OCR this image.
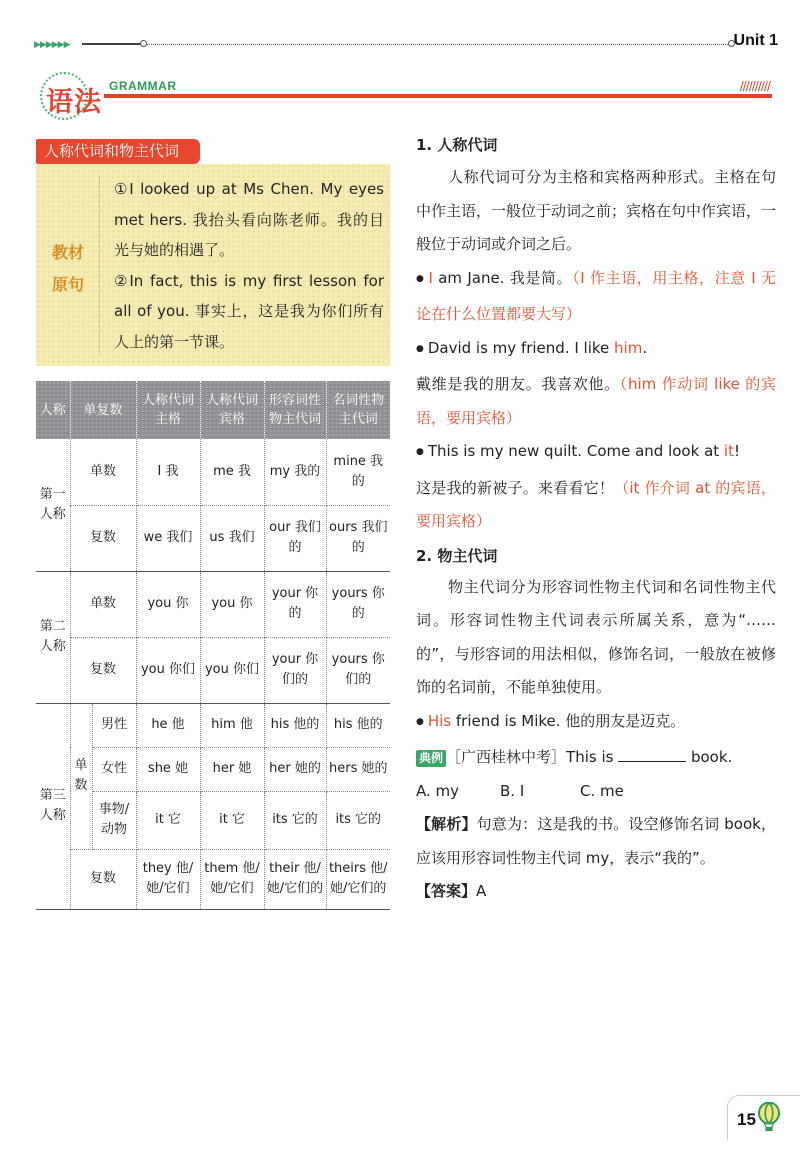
▶▶▶▶▶▶	Unit 1
语法
GRAMMAR	//////////
人称代词和物主代词
教材
原句
①I looked up at Ms Chen. My eyes met hers. 我抬头看向陈老师。我的目光与她的相遇了。
②In fact, this is my first lesson for all of you. 事实上，这是我为你们所有人上的第一节课。
人称	单复数		人称代词主格	人称代词宾格	形容词性物主代词	名词性物主代词
第一人称	单数		I 我	me 我	my 我的	mine 我的
	复数		we 我们	us 我们	our 我们的	ours 我们的
第二人称	单数		you 你	you 你	your 你的	yours 你的
	复数		you 你们	you 你们	your 你们的	yours 你们的
第三人称	单数	男性	he 他	him 他	his 他的	his 他的
		女性	she 她	her 她	her 她的	hers 她的
		事物/动物	it 它	it 它	its 它的	its 它的
	复数		they 他/她/它们	them 他/她/它们	their 他/她/它们的	theirs 他/她/它们的
1. 人称代词
人称代词可分为主格和宾格两种形式。主格在句中作主语，一般位于动词之前；宾格在句中作宾语，一般位于动词或介词之后。
● I am Jane. 我是简。（I 作主语，用主格，注意 I 无论在什么位置都要大写）
● David is my friend. I like him.
戴维是我的朋友。我喜欢他。（him 作动词 like 的宾语，要用宾格）
● This is my new quilt. Come and look at it!
这是我的新被子。来看看它！（it 作介词 at 的宾语，要用宾格）
2. 物主代词
物主代词分为形容词性物主代词和名词性物主代词。形容词性物主代词表示所属关系，意为“……的”，与形容词的用法相似，修饰名词，一般放在被修饰的名词前，不能单独使用。
● His friend is Mike. 他的朋友是迈克。
典例 ［广西桂林中考］This is	book.
A. my	B. I	C. me
【解析】句意为：这是我的书。设空修饰名词 book，应该用形容词性物主代词 my，表示“我的”。
【答案】A
15
